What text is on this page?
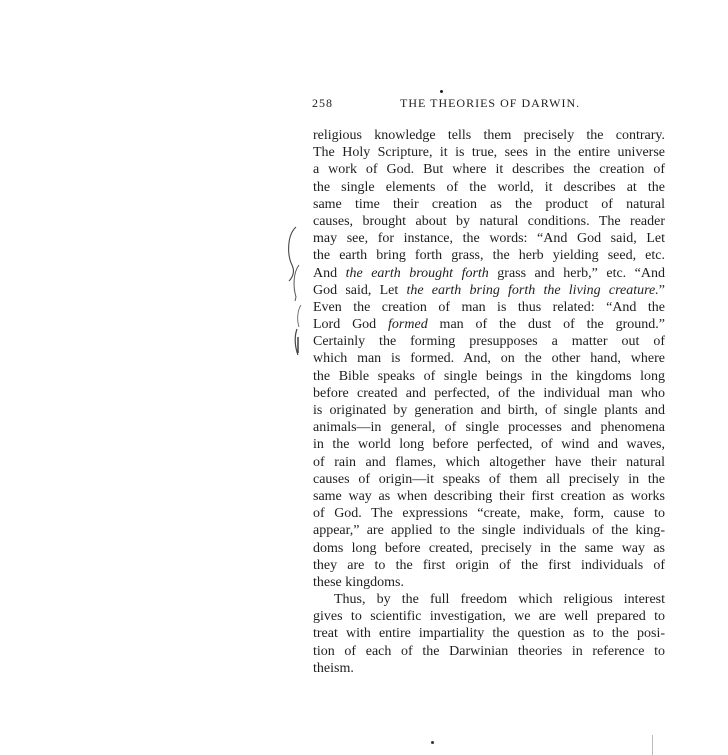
258	THE THEORIES OF DARWIN.
religious knowledge tells them precisely the contrary.
The Holy Scripture, it is true, sees in the entire universe
a work of God. But where it describes the creation of
the single elements of the world, it describes at the
same time their creation as the product of natural
causes, brought about by natural conditions. The reader
may see, for instance, the words: “And God said, Let
the earth bring forth grass, the herb yielding seed, etc.
And the earth brought forth grass and herb,” etc. “And
God said, Let the earth bring forth the living creature.”
Even the creation of man is thus related: “And the
Lord God formed man of the dust of the ground.”
Certainly the forming presupposes a matter out of
which man is formed. And, on the other hand, where
the Bible speaks of single beings in the kingdoms long
before created and perfected, of the individual man who
is originated by generation and birth, of single plants and
animals—in general, of single processes and phenomena
in the world long before perfected, of wind and waves,
of rain and flames, which altogether have their natural
causes of origin—it speaks of them all precisely in the
same way as when describing their first creation as works
of God. The expressions “create, make, form, cause to
appear,” are applied to the single individuals of the king-
doms long before created, precisely in the same way as
they are to the first origin of the first individuals of
these kingdoms.
Thus, by the full freedom which religious interest
gives to scientific investigation, we are well prepared to
treat with entire impartiality the question as to the posi-
tion of each of the Darwinian theories in reference to
theism.
